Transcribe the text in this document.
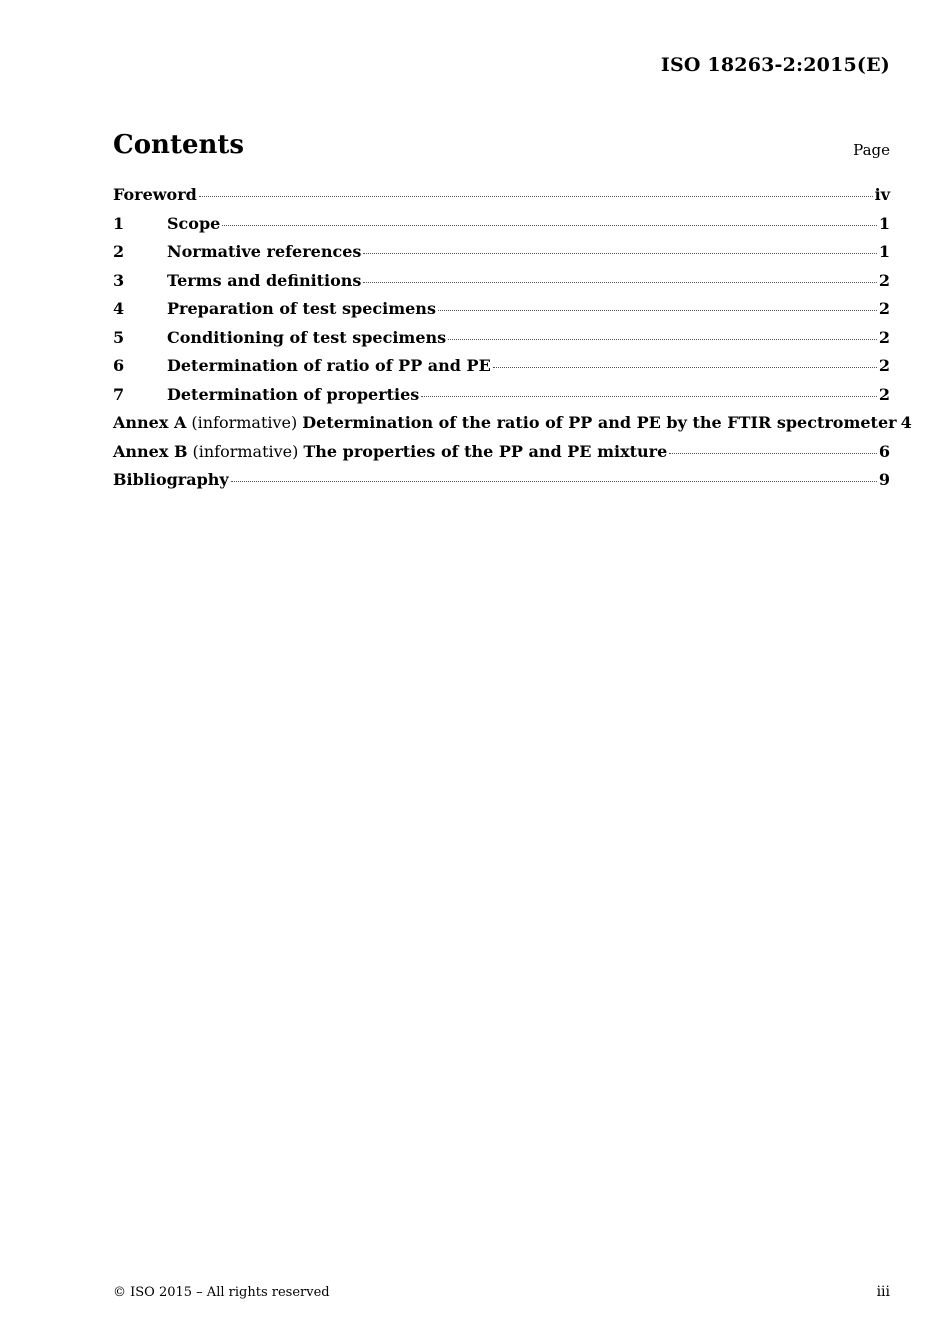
ISO 18263-2:2015(E)
Contents	Page
Foreword	iv
1	Scope	1
2	Normative references	1
3	Terms and definitions	2
4	Preparation of test specimens	2
5	Conditioning of test specimens	2
6	Determination of ratio of PP and PE	2
7	Determination of properties	2
Annex A (informative) Determination of the ratio of PP and PE by the FTIR spectrometer 4
Annex B (informative) The properties of the PP and PE mixture	6
Bibliography	9
© ISO 2015 – All rights reserved	iii
